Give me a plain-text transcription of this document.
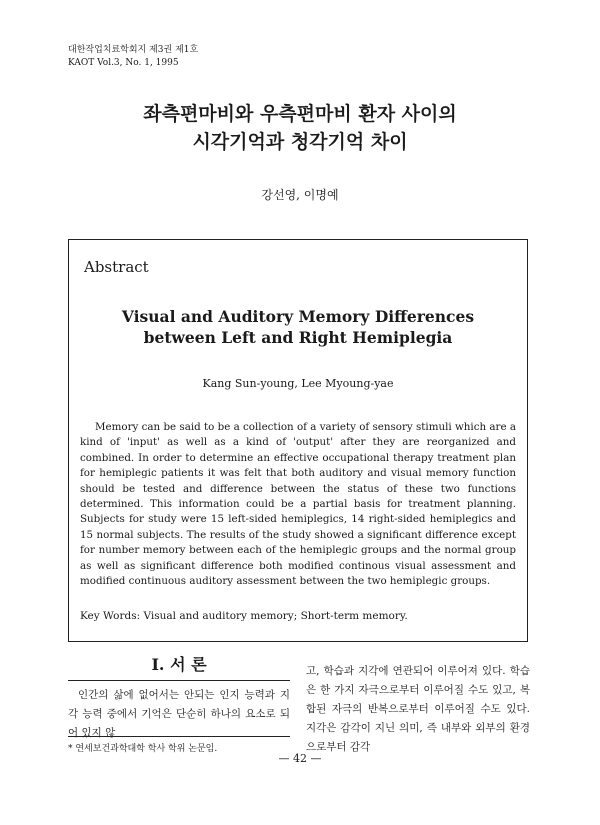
대한작업치료학회지 제3권 제1호
KAOT Vol.3, No. 1, 1995
좌측편마비와 우측편마비 환자 사이의
시각기억과 청각기억 차이
강선영, 이명예
Abstract
Visual and Auditory Memory Differences
between Left and Right Hemiplegia
Kang Sun-young, Lee Myoung-yae
Memory can be said to be a collection of a variety of sensory stimuli which are a kind of 'input' as well as a kind of 'output' after they are reorganized and combined. In order to determine an effective occupational therapy treatment plan for hemiplegic patients it was felt that both auditory and visual memory function should be tested and difference between the status of these two functions determined. This information could be a partial basis for treatment planning. Subjects for study were 15 left-sided hemiplegics, 14 right-sided hemiplegics and 15 normal subjects. The results of the study showed a significant difference except for number memory between each of the hemiplegic groups and the normal group as well as significant difference both modified continous visual assessment and modified continuous auditory assessment between the two hemiplegic groups.
Key Words: Visual and auditory memory; Short-term memory.
Ⅰ. 서 론
인간의 삶에 없어서는 안되는 인지 능력과 지각 능력 중에서 기억은 단순히 하나의 요소로 되어 있지 않
고, 학습과 지각에 연관되어 이루어져 있다. 학습은 한 가지 자극으로부터 이루어질 수도 있고, 복합된 자극의 반복으로부터 이루어질 수도 있다. 지각은 감각이 지닌 의미, 즉 내부와 외부의 환경으로부터 감각
* 연세보건과학대학 학사 학위 논문임.
— 42 —
